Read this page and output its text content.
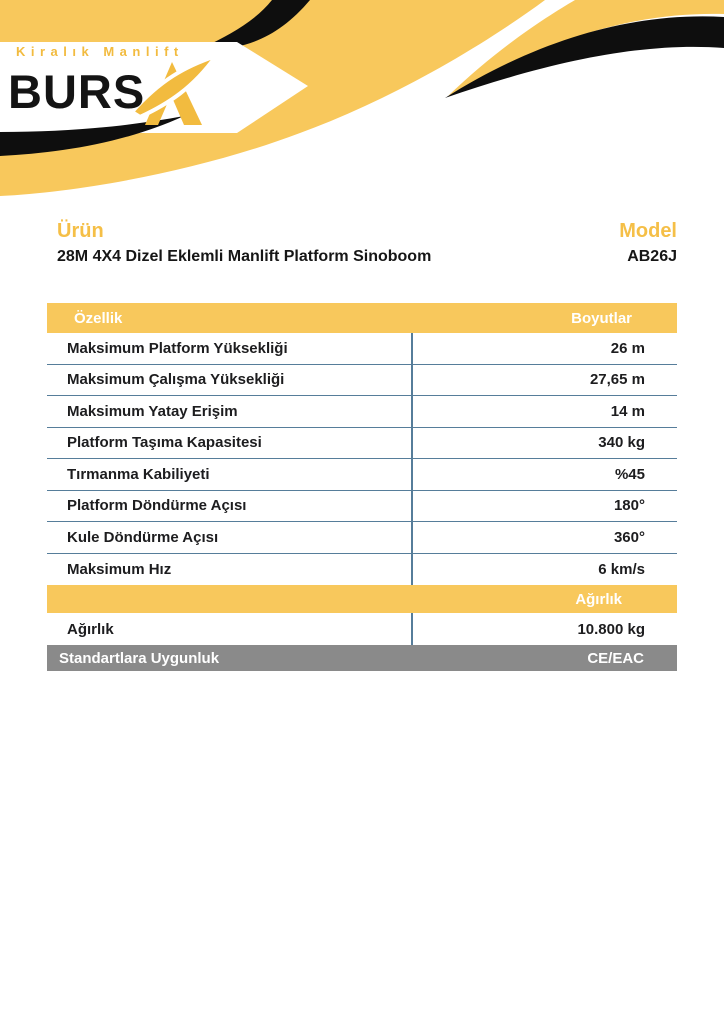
Kiralık Manlift
BURS
Ürün
28M 4X4 Dizel Eklemli Manlift Platform Sinoboom
Model
AB26J
Özellik	Boyutlar
Maksimum Platform Yüksekliği	26 m
Maksimum Çalışma Yüksekliği	27,65 m
Maksimum Yatay Erişim	14 m
Platform Taşıma Kapasitesi	340 kg
Tırmanma Kabiliyeti	%45
Platform Döndürme Açısı	180°
Kule Döndürme Açısı	360°
Maksimum Hız	6 km/s
Ağırlık
Ağırlık	10.800 kg
Standartlara Uygunluk	CE/EAC
